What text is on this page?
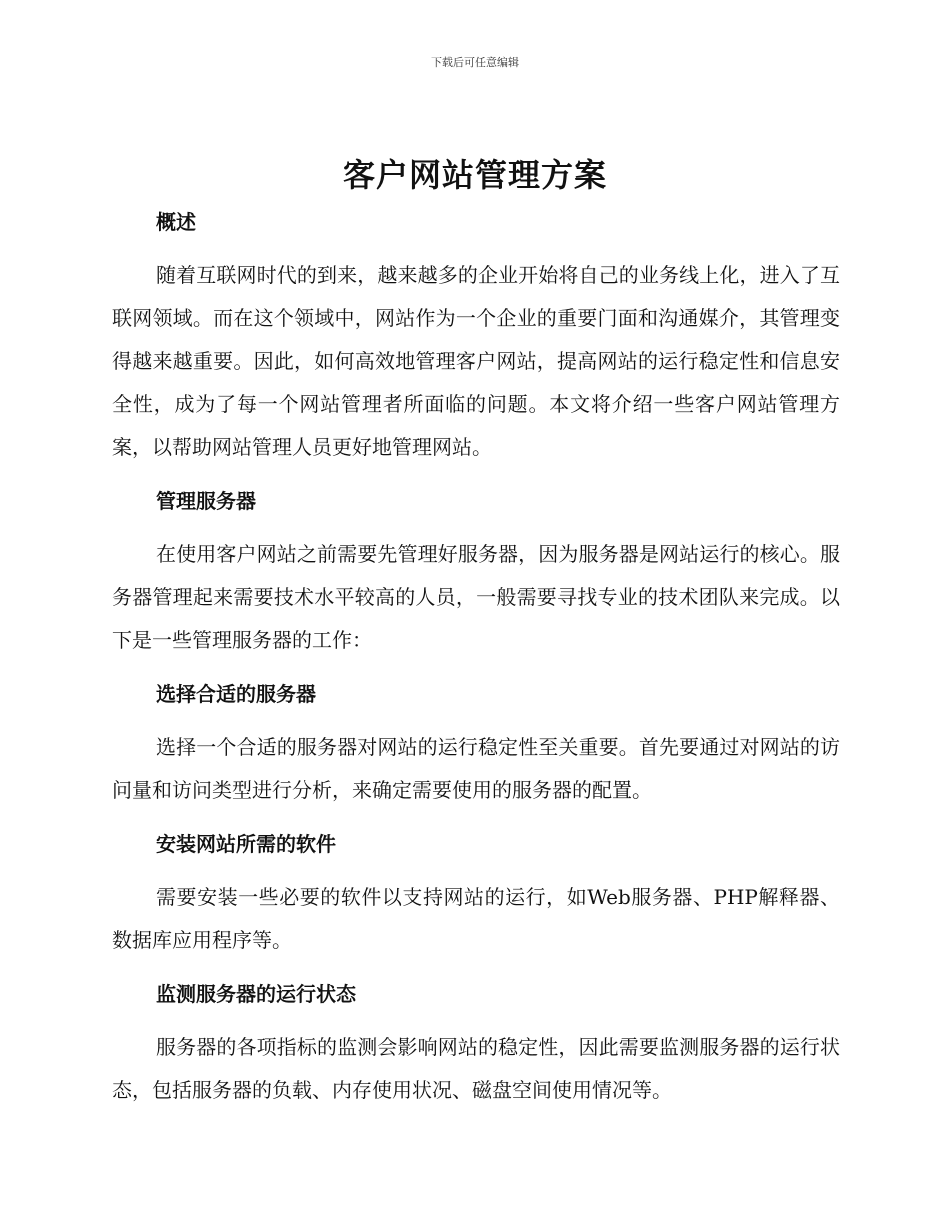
下载后可任意编辑
客户网站管理方案
概述

随着互联网时代的到来，越来越多的企业开始将自己的业务线上化，进入了互联网领域。而在这个领域中，网站作为一个企业的重要门面和沟通媒介，其管理变得越来越重要。因此，如何高效地管理客户网站，提高网站的运行稳定性和信息安全性，成为了每一个网站管理者所面临的问题。本文将介绍一些客户网站管理方案，以帮助网站管理人员更好地管理网站。

管理服务器

在使用客户网站之前需要先管理好服务器，因为服务器是网站运行的核心。服务器管理起来需要技术水平较高的人员，一般需要寻找专业的技术团队来完成。以下是一些管理服务器的工作：

选择合适的服务器

选择一个合适的服务器对网站的运行稳定性至关重要。首先要通过对网站的访问量和访问类型进行分析，来确定需要使用的服务器的配置。

安装网站所需的软件

需要安装一些必要的软件以支持网站的运行，如Web服务器、PHP解释器、数据库应用程序等。

监测服务器的运行状态

服务器的各项指标的监测会影响网站的稳定性，因此需要监测服务器的运行状态，包括服务器的负载、内存使用状况、磁盘空间使用情况等。
